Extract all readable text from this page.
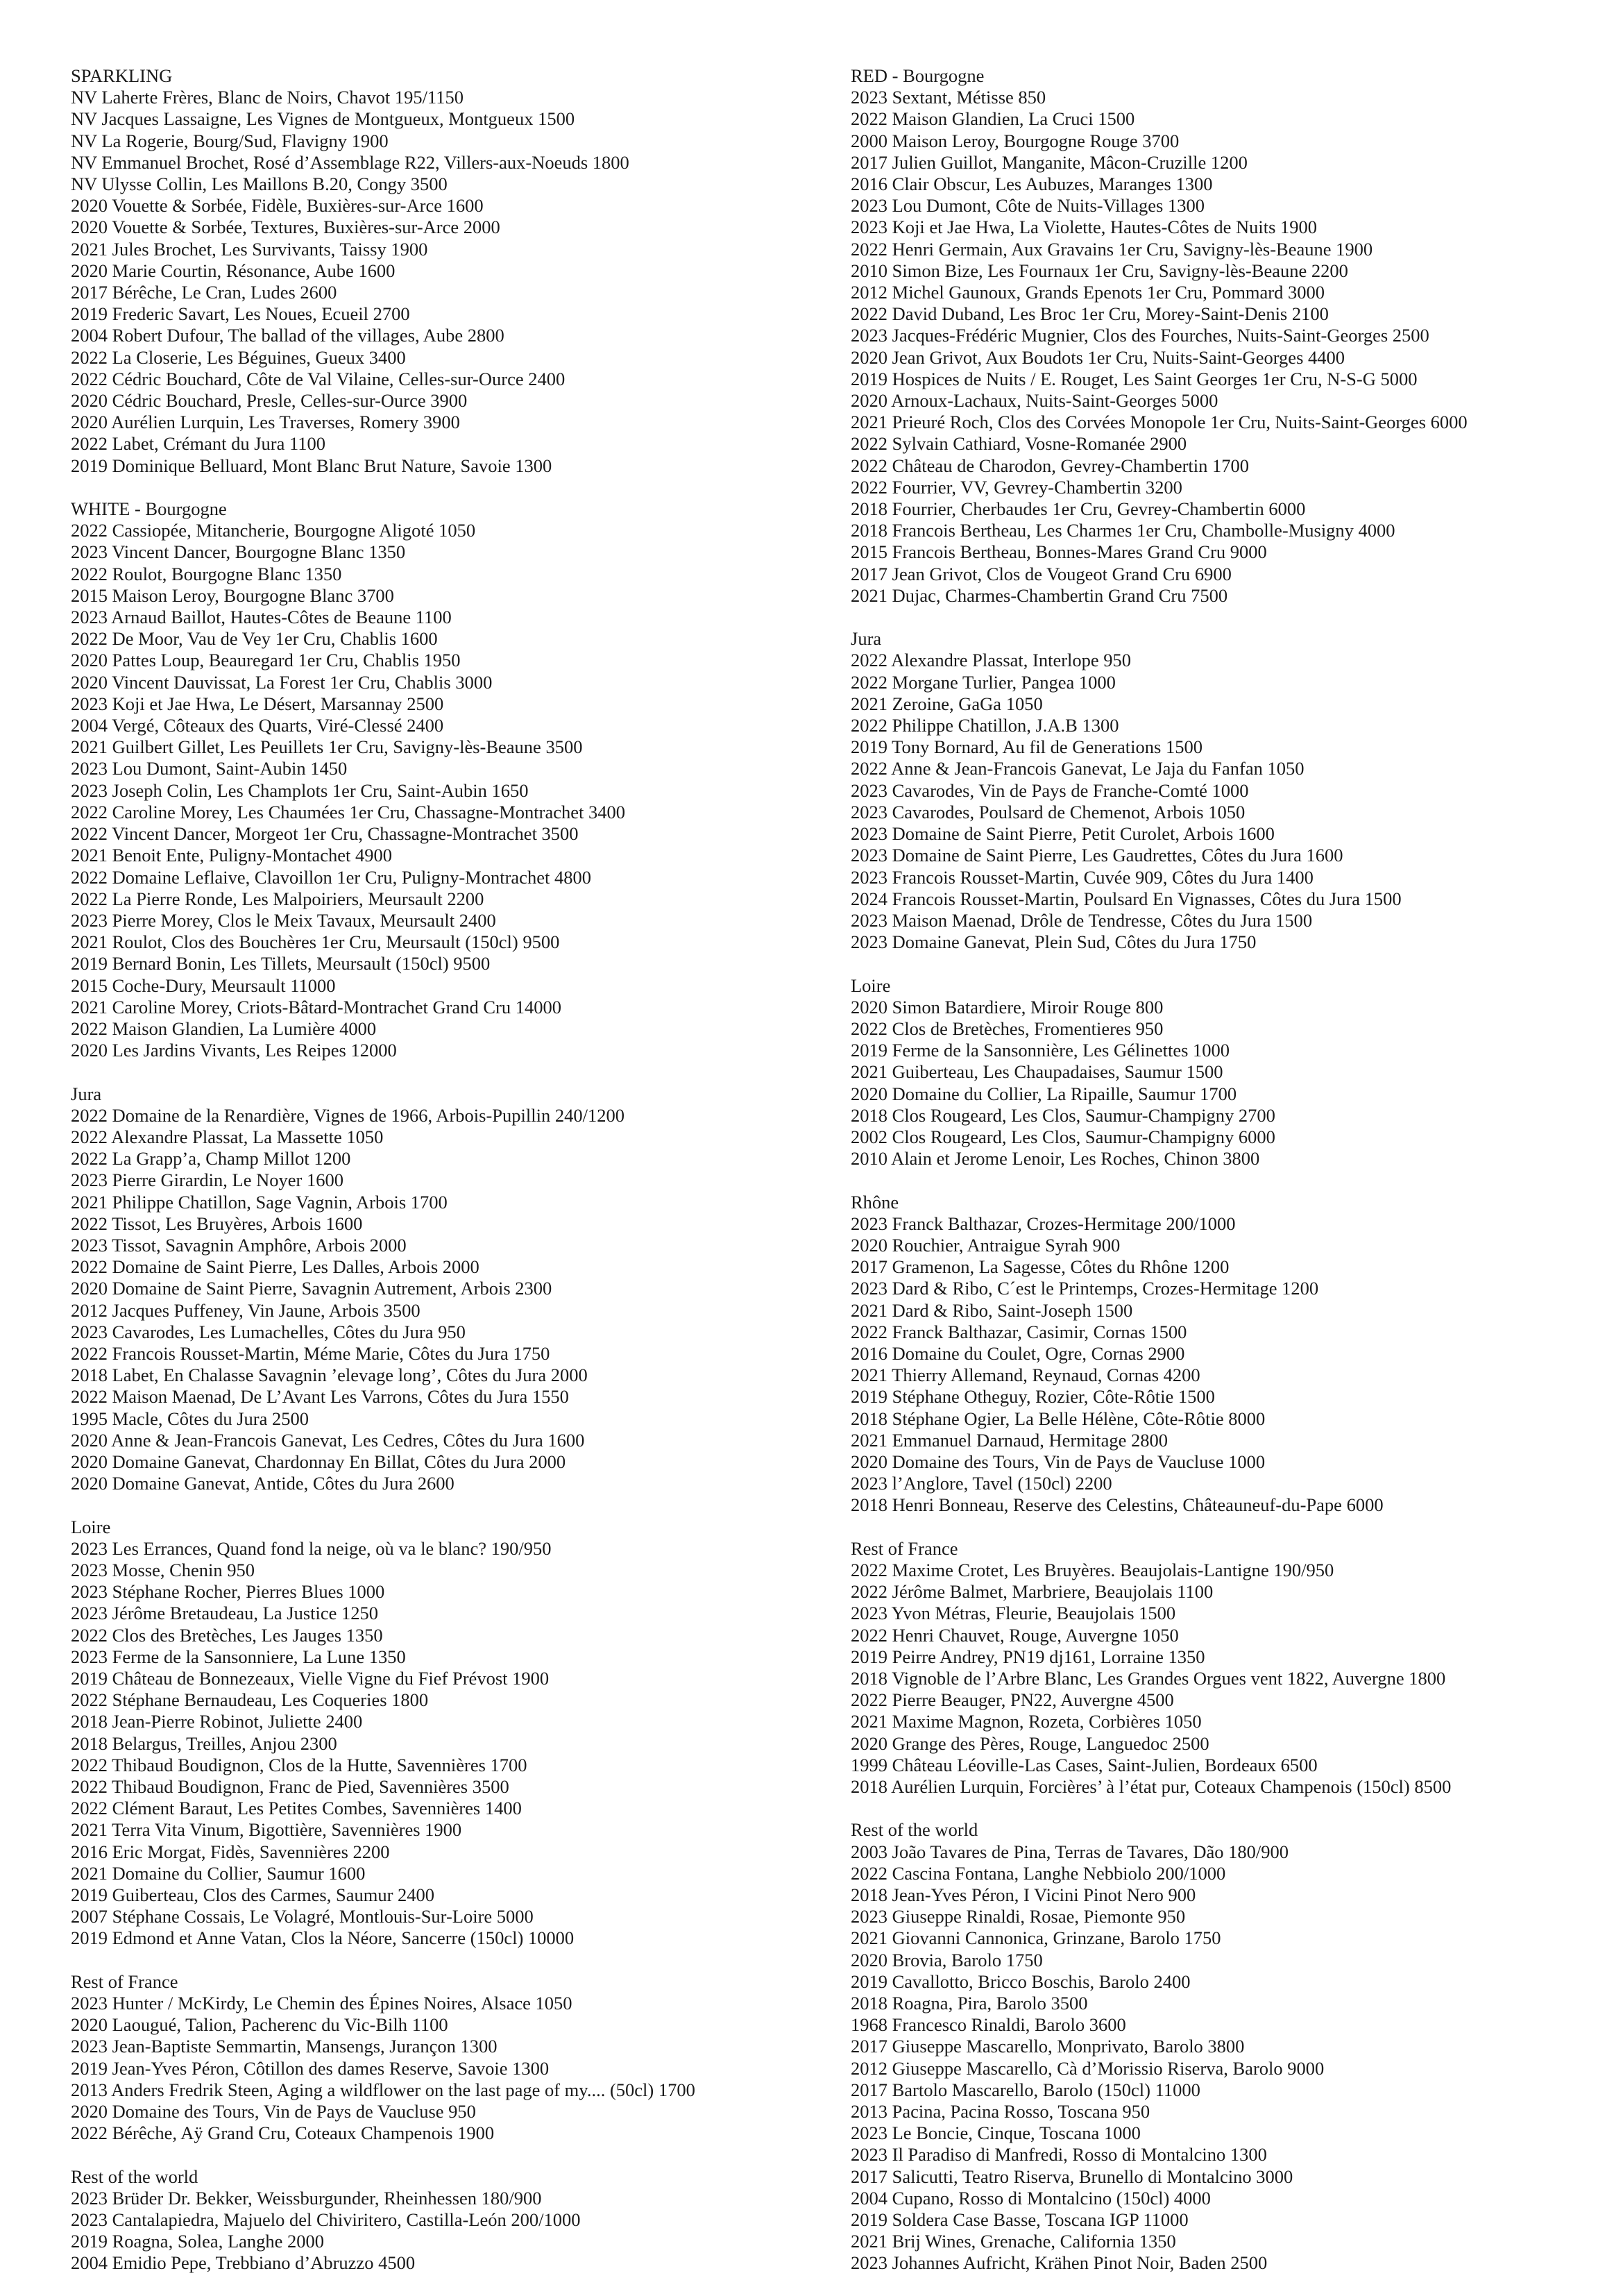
SPARKLING
NV Laherte Frères, Blanc de Noirs, Chavot 195/1150
NV Jacques Lassaigne, Les Vignes de Montgueux, Montgueux 1500
NV La Rogerie, Bourg/Sud, Flavigny 1900
NV Emmanuel Brochet, Rosé d’Assemblage R22, Villers-aux-Noeuds 1800
NV Ulysse Collin, Les Maillons B.20, Congy 3500
2020 Vouette & Sorbée, Fidèle, Buxières-sur-Arce 1600
2020 Vouette & Sorbée, Textures, Buxières-sur-Arce 2000
2021 Jules Brochet, Les Survivants, Taissy 1900
2020 Marie Courtin, Résonance, Aube 1600
2017 Bérêche, Le Cran, Ludes 2600
2019 Frederic Savart, Les Noues, Ecueil 2700
2004 Robert Dufour, The ballad of the villages, Aube 2800
2022 La Closerie, Les Béguines, Gueux 3400
2022 Cédric Bouchard, Côte de Val Vilaine, Celles-sur-Ource 2400
2020 Cédric Bouchard, Presle, Celles-sur-Ource 3900
2020 Aurélien Lurquin, Les Traverses, Romery 3900
2022 Labet, Crémant du Jura 1100
2019 Dominique Belluard, Mont Blanc Brut Nature, Savoie 1300
WHITE - Bourgogne
2022 Cassiopée, Mitancherie, Bourgogne Aligoté 1050
2023 Vincent Dancer, Bourgogne Blanc 1350
2022 Roulot, Bourgogne Blanc 1350
2015 Maison Leroy, Bourgogne Blanc 3700
2023 Arnaud Baillot, Hautes-Côtes de Beaune 1100
2022 De Moor, Vau de Vey 1er Cru, Chablis 1600
2020 Pattes Loup, Beauregard 1er Cru, Chablis 1950
2020 Vincent Dauvissat, La Forest 1er Cru, Chablis 3000
2023 Koji et Jae Hwa, Le Désert, Marsannay 2500
2004 Vergé, Côteaux des Quarts, Viré-Clessé 2400
2021 Guilbert Gillet, Les Peuillets 1er Cru, Savigny-lès-Beaune 3500
2023 Lou Dumont, Saint-Aubin 1450
2023 Joseph Colin, Les Champlots 1er Cru, Saint-Aubin 1650
2022 Caroline Morey, Les Chaumées 1er Cru, Chassagne-Montrachet 3400
2022 Vincent Dancer, Morgeot 1er Cru, Chassagne-Montrachet 3500
2021 Benoit Ente, Puligny-Montachet 4900
2022 Domaine Leflaive, Clavoillon 1er Cru, Puligny-Montrachet 4800
2022 La Pierre Ronde, Les Malpoiriers, Meursault 2200
2023 Pierre Morey, Clos le Meix Tavaux, Meursault 2400
2021 Roulot, Clos des Bouchères 1er Cru, Meursault (150cl) 9500
2019 Bernard Bonin, Les Tillets, Meursault (150cl) 9500
2015 Coche-Dury, Meursault 11000
2021 Caroline Morey, Criots-Bâtard-Montrachet Grand Cru 14000
2022 Maison Glandien, La Lumière 4000
2020 Les Jardins Vivants, Les Reipes 12000
Jura
2022 Domaine de la Renardière, Vignes de 1966, Arbois-Pupillin 240/1200
2022 Alexandre Plassat, La Massette 1050
2022 La Grapp’a, Champ Millot 1200
2023 Pierre Girardin, Le Noyer 1600
2021 Philippe Chatillon, Sage Vagnin, Arbois 1700
2022 Tissot, Les Bruyères, Arbois 1600
2023 Tissot, Savagnin Amphôre, Arbois 2000
2022 Domaine de Saint Pierre, Les Dalles, Arbois 2000
2020 Domaine de Saint Pierre, Savagnin Autrement, Arbois 2300
2012 Jacques Puffeney, Vin Jaune, Arbois 3500
2023 Cavarodes, Les Lumachelles, Côtes du Jura 950
2022 Francois Rousset-Martin, Méme Marie, Côtes du Jura 1750
2018 Labet, En Chalasse Savagnin ’elevage long’, Côtes du Jura 2000
2022 Maison Maenad, De L’Avant Les Varrons, Côtes du Jura 1550
1995 Macle, Côtes du Jura 2500
2020 Anne & Jean-Francois Ganevat, Les Cedres, Côtes du Jura 1600
2020 Domaine Ganevat, Chardonnay En Billat, Côtes du Jura 2000
2020 Domaine Ganevat, Antide, Côtes du Jura 2600
Loire
2023 Les Errances, Quand fond la neige, où va le blanc? 190/950
2023 Mosse, Chenin 950
2023 Stéphane Rocher, Pierres Blues 1000
2023 Jérôme Bretaudeau, La Justice 1250
2022 Clos des Bretèches, Les Jauges 1350
2023 Ferme de la Sansonniere, La Lune 1350
2019 Château de Bonnezeaux, Vielle Vigne du Fief Prévost 1900
2022 Stéphane Bernaudeau, Les Coqueries 1800
2018 Jean-Pierre Robinot, Juliette 2400
2018 Belargus, Treilles, Anjou 2300
2022 Thibaud Boudignon, Clos de la Hutte, Savennières 1700
2022 Thibaud Boudignon, Franc de Pied, Savennières 3500
2022 Clément Baraut, Les Petites Combes, Savennières 1400
2021 Terra Vita Vinum, Bigottière, Savennières 1900
2016 Eric Morgat, Fidès, Savennières 2200
2021 Domaine du Collier, Saumur 1600
2019 Guiberteau, Clos des Carmes, Saumur 2400
2007 Stéphane Cossais, Le Volagré, Montlouis-Sur-Loire 5000
2019 Edmond et Anne Vatan, Clos la Néore, Sancerre (150cl) 10000
Rest of France
2023 Hunter / McKirdy, Le Chemin des Épines Noires, Alsace 1050
2020 Laougué, Talion, Pacherenc du Vic-Bilh 1100
2023 Jean-Baptiste Semmartin, Mansengs, Jurançon 1300
2019 Jean-Yves Péron, Côtillon des dames Reserve, Savoie 1300
2013 Anders Fredrik Steen, Aging a wildflower on the last page of my.... (50cl) 1700
2020 Domaine des Tours, Vin de Pays de Vaucluse 950
2022 Bérêche, Aÿ Grand Cru, Coteaux Champenois 1900
Rest of the world
2023 Brüder Dr. Bekker, Weissburgunder, Rheinhessen 180/900
2023 Cantalapiedra, Majuelo del Chiviritero, Castilla-León 200/1000
2019 Roagna, Solea, Langhe 2000
2004 Emidio Pepe, Trebbiano d’Abruzzo 4500
RED - Bourgogne
2023 Sextant, Métisse 850
2022 Maison Glandien, La Cruci 1500
2000 Maison Leroy, Bourgogne Rouge 3700
2017 Julien Guillot, Manganite, Mâcon-Cruzille 1200
2016 Clair Obscur, Les Aubuzes, Maranges 1300
2023 Lou Dumont, Côte de Nuits-Villages 1300
2023 Koji et Jae Hwa, La Violette, Hautes-Côtes de Nuits 1900
2022 Henri Germain, Aux Gravains 1er Cru, Savigny-lès-Beaune 1900
2010 Simon Bize, Les Fournaux 1er Cru, Savigny-lès-Beaune 2200
2012 Michel Gaunoux, Grands Epenots 1er Cru, Pommard 3000
2022 David Duband, Les Broc 1er Cru, Morey-Saint-Denis 2100
2023 Jacques-Frédéric Mugnier, Clos des Fourches, Nuits-Saint-Georges 2500
2020 Jean Grivot, Aux Boudots 1er Cru, Nuits-Saint-Georges 4400
2019 Hospices de Nuits / E. Rouget, Les Saint Georges 1er Cru, N-S-G 5000
2020 Arnoux-Lachaux, Nuits-Saint-Georges 5000
2021 Prieuré Roch, Clos des Corvées Monopole 1er Cru, Nuits-Saint-Georges 6000
2022 Sylvain Cathiard, Vosne-Romanée 2900
2022 Château de Charodon, Gevrey-Chambertin 1700
2022 Fourrier, VV, Gevrey-Chambertin 3200
2018 Fourrier, Cherbaudes 1er Cru, Gevrey-Chambertin 6000
2018 Francois Bertheau, Les Charmes 1er Cru, Chambolle-Musigny 4000
2015 Francois Bertheau, Bonnes-Mares Grand Cru 9000
2017 Jean Grivot, Clos de Vougeot Grand Cru 6900
2021 Dujac, Charmes-Chambertin Grand Cru 7500
Jura
2022 Alexandre Plassat, Interlope 950
2022 Morgane Turlier, Pangea 1000
2021 Zeroine, GaGa 1050
2022 Philippe Chatillon, J.A.B 1300
2019 Tony Bornard, Au fil de Generations 1500
2022 Anne & Jean-Francois Ganevat, Le Jaja du Fanfan 1050
2023 Cavarodes, Vin de Pays de Franche-Comté 1000
2023 Cavarodes, Poulsard de Chemenot, Arbois 1050
2023 Domaine de Saint Pierre, Petit Curolet, Arbois 1600
2023 Domaine de Saint Pierre, Les Gaudrettes, Côtes du Jura 1600
2023 Francois Rousset-Martin, Cuvée 909, Côtes du Jura 1400
2024 Francois Rousset-Martin, Poulsard En Vignasses, Côtes du Jura 1500
2023 Maison Maenad, Drôle de Tendresse, Côtes du Jura 1500
2023 Domaine Ganevat, Plein Sud, Côtes du Jura 1750
Loire
2020 Simon Batardiere, Miroir Rouge 800
2022 Clos de Bretèches, Fromentieres 950
2019 Ferme de la Sansonnière, Les Gélinettes 1000
2021 Guiberteau, Les Chaupadaises, Saumur 1500
2020 Domaine du Collier, La Ripaille, Saumur 1700
2018 Clos Rougeard, Les Clos, Saumur-Champigny 2700
2002 Clos Rougeard, Les Clos, Saumur-Champigny 6000
2010 Alain et Jerome Lenoir, Les Roches, Chinon 3800
Rhône
2023 Franck Balthazar, Crozes-Hermitage 200/1000
2020 Rouchier, Antraigue Syrah 900
2017 Gramenon, La Sagesse, Côtes du Rhône 1200
2023 Dard & Ribo, C´est le Printemps, Crozes-Hermitage 1200
2021 Dard & Ribo, Saint-Joseph 1500
2022 Franck Balthazar, Casimir, Cornas 1500
2016 Domaine du Coulet, Ogre, Cornas 2900
2021 Thierry Allemand, Reynaud, Cornas 4200
2019 Stéphane Otheguy, Rozier, Côte-Rôtie 1500
2018 Stéphane Ogier, La Belle Hélène, Côte-Rôtie 8000
2021 Emmanuel Darnaud, Hermitage 2800
2020 Domaine des Tours, Vin de Pays de Vaucluse 1000
2023 l’Anglore, Tavel (150cl) 2200
2018 Henri Bonneau, Reserve des Celestins, Châteauneuf-du-Pape 6000
Rest of France
2022 Maxime Crotet, Les Bruyères. Beaujolais-Lantigne 190/950
2022 Jérôme Balmet, Marbriere, Beaujolais 1100
2023 Yvon Métras, Fleurie, Beaujolais 1500
2022 Henri Chauvet, Rouge, Auvergne 1050
2019 Peirre Andrey, PN19 dj161, Lorraine 1350
2018 Vignoble de l’Arbre Blanc, Les Grandes Orgues vent 1822, Auvergne 1800
2022 Pierre Beauger, PN22, Auvergne 4500
2021 Maxime Magnon, Rozeta, Corbières 1050
2020 Grange des Pères, Rouge, Languedoc 2500
1999 Château Léoville-Las Cases, Saint-Julien, Bordeaux 6500
2018 Aurélien Lurquin, Forcières’ à l’état pur, Coteaux Champenois (150cl) 8500
Rest of the world
2003 João Tavares de Pina, Terras de Tavares, Dão 180/900
2022 Cascina Fontana, Langhe Nebbiolo 200/1000
2018 Jean-Yves Péron, I Vicini Pinot Nero 900
2023 Giuseppe Rinaldi, Rosae, Piemonte 950
2021 Giovanni Cannonica, Grinzane, Barolo 1750
2020 Brovia, Barolo 1750
2019 Cavallotto, Bricco Boschis, Barolo 2400
2018 Roagna, Pira, Barolo 3500
1968 Francesco Rinaldi, Barolo 3600
2017 Giuseppe Mascarello, Monprivato, Barolo 3800
2012 Giuseppe Mascarello, Cà d’Morissio Riserva, Barolo 9000
2017 Bartolo Mascarello, Barolo (150cl) 11000
2013 Pacina, Pacina Rosso, Toscana 950
2023 Le Boncie, Cinque, Toscana 1000
2023 Il Paradiso di Manfredi, Rosso di Montalcino 1300
2017 Salicutti, Teatro Riserva, Brunello di Montalcino 3000
2004 Cupano, Rosso di Montalcino (150cl) 4000
2019 Soldera Case Basse, Toscana IGP 11000
2021 Brij Wines, Grenache, California 1350
2023 Johannes Aufricht, Krähen Pinot Noir, Baden 2500
